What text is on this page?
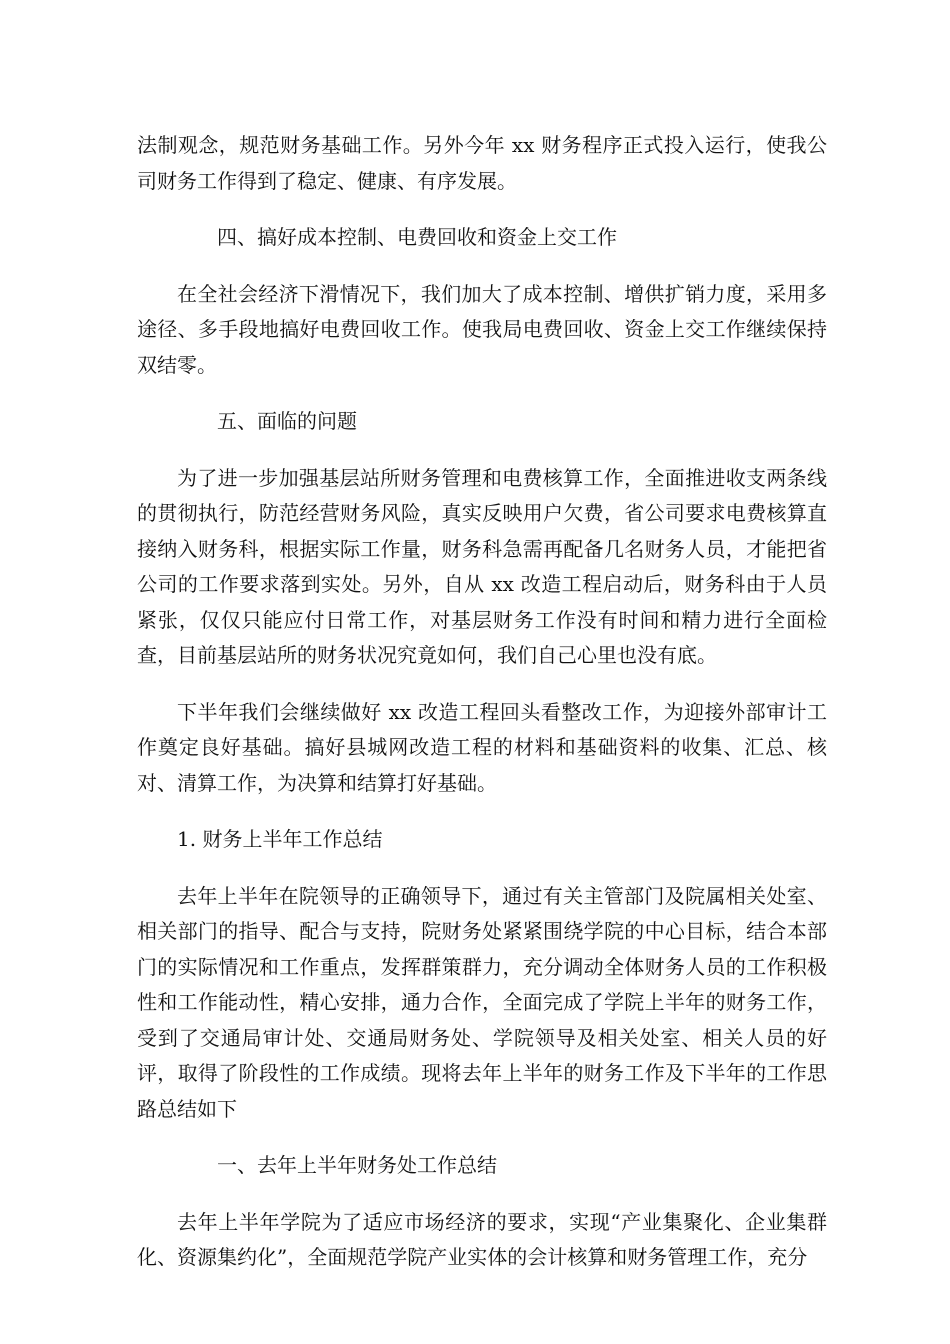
法制观念，规范财务基础工作。另外今年 xx 财务程序正式投入运行，使我公司财务工作得到了稳定、健康、有序发展。

四、搞好成本控制、电费回收和资金上交工作

在全社会经济下滑情况下，我们加大了成本控制、增供扩销力度，采用多途径、多手段地搞好电费回收工作。使我局电费回收、资金上交工作继续保持双结零。

五、面临的问题

为了进一步加强基层站所财务管理和电费核算工作，全面推进收支两条线的贯彻执行，防范经营财务风险，真实反映用户欠费，省公司要求电费核算直接纳入财务科，根据实际工作量，财务科急需再配备几名财务人员，才能把省公司的工作要求落到实处。另外，自从 xx 改造工程启动后，财务科由于人员紧张，仅仅只能应付日常工作，对基层财务工作没有时间和精力进行全面检查，目前基层站所的财务状况究竟如何，我们自己心里也没有底。

下半年我们会继续做好 xx 改造工程回头看整改工作，为迎接外部审计工作奠定良好基础。搞好县城网改造工程的材料和基础资料的收集、汇总、核对、清算工作，为决算和结算打好基础。

1. 财务上半年工作总结

去年上半年在院领导的正确领导下，通过有关主管部门及院属相关处室、相关部门的指导、配合与支持，院财务处紧紧围绕学院的中心目标，结合本部门的实际情况和工作重点，发挥群策群力，充分调动全体财务人员的工作积极性和工作能动性，精心安排，通力合作，全面完成了学院上半年的财务工作，受到了交通局审计处、交通局财务处、学院领导及相关处室、相关人员的好评，取得了阶段性的工作成绩。现将去年上半年的财务工作及下半年的工作思路总结如下

一、去年上半年财务处工作总结

去年上半年学院为了适应市场经济的要求，实现“产业集聚化、企业集群化、资源集约化”，全面规范学院产业实体的会计核算和财务管理工作，充分
